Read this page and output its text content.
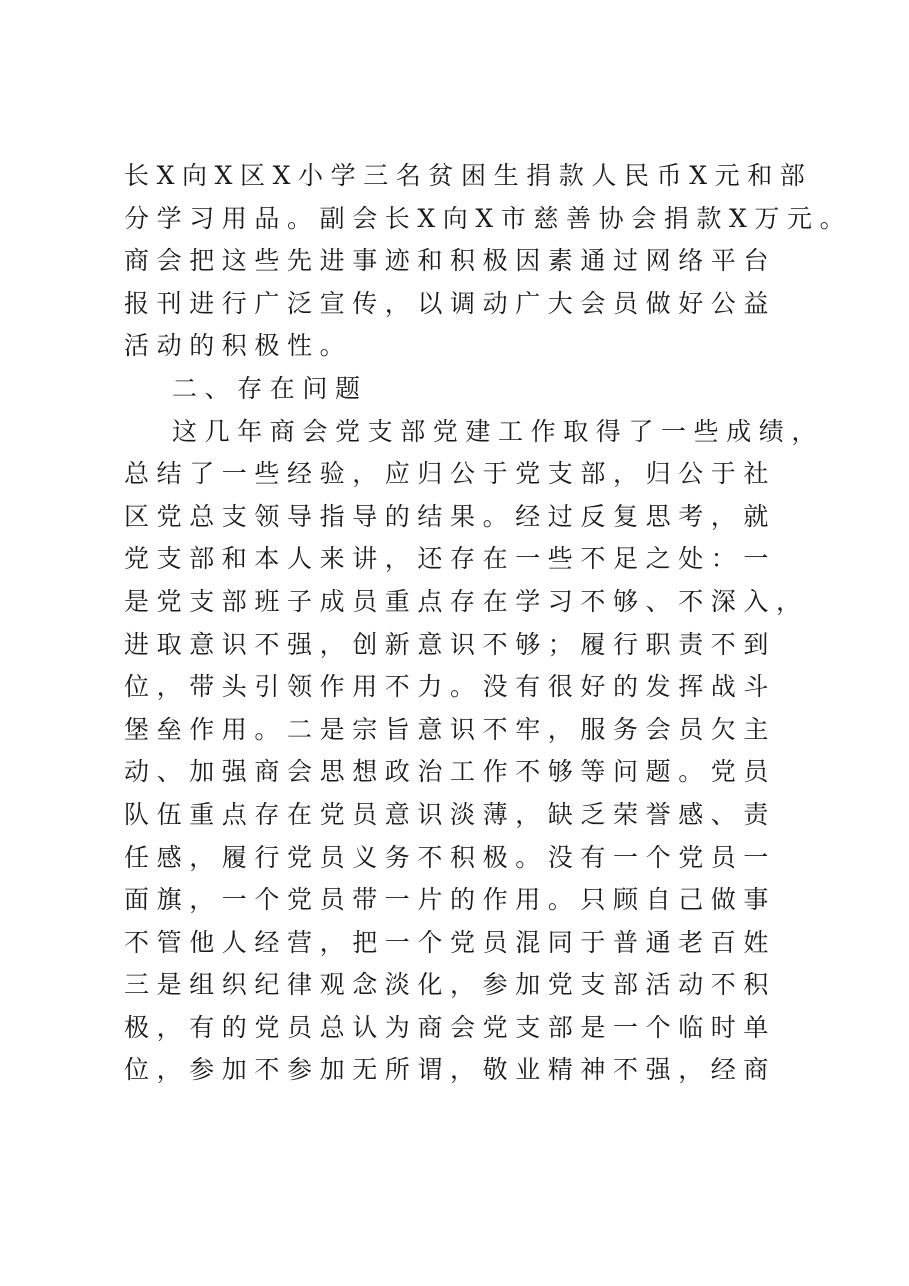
长X向X区X小学三名贫困生捐款人民币X元和部
分学习用品。副会长X向X市慈善协会捐款X万元。
商会把这些先进事迹和积极因素通过网络平台
报刊进行广泛宣传，以调动广大会员做好公益
活动的积极性。
二、存在问题
这几年商会党支部党建工作取得了一些成绩，
总结了一些经验，应归公于党支部，归公于社
区党总支领导指导的结果。经过反复思考，就
党支部和本人来讲，还存在一些不足之处：一
是党支部班子成员重点存在学习不够、不深入，
进取意识不强，创新意识不够；履行职责不到
位，带头引领作用不力。没有很好的发挥战斗
堡垒作用。二是宗旨意识不牢，服务会员欠主
动、加强商会思想政治工作不够等问题。党员
队伍重点存在党员意识淡薄，缺乏荣誉感、责
任感，履行党员义务不积极。没有一个党员一
面旗，一个党员带一片的作用。只顾自己做事
不管他人经营，把一个党员混同于普通老百姓
三是组织纪律观念淡化，参加党支部活动不积
极，有的党员总认为商会党支部是一个临时单
位，参加不参加无所谓，敬业精神不强，经商
